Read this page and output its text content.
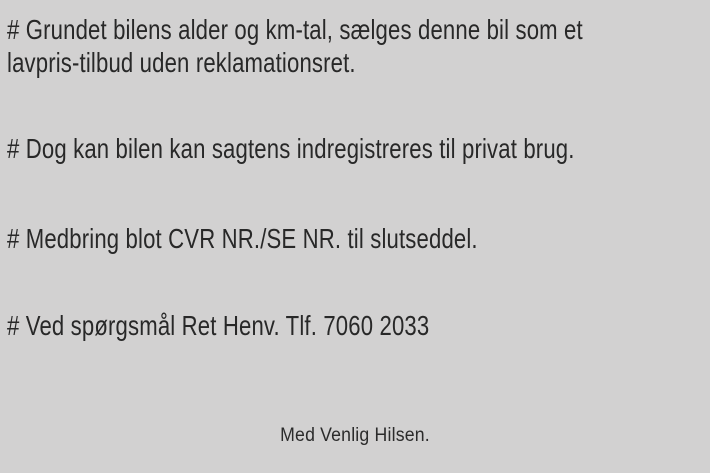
# Grundet bilens alder og km-tal, sælges denne bil som et
lavpris-tilbud uden reklamationsret.
# Dog kan bilen kan sagtens indregistreres til privat brug.
# Medbring blot CVR NR./SE NR. til slutseddel.
# Ved spørgsmål Ret Henv. Tlf. 7060 2033
Med Venlig Hilsen.
